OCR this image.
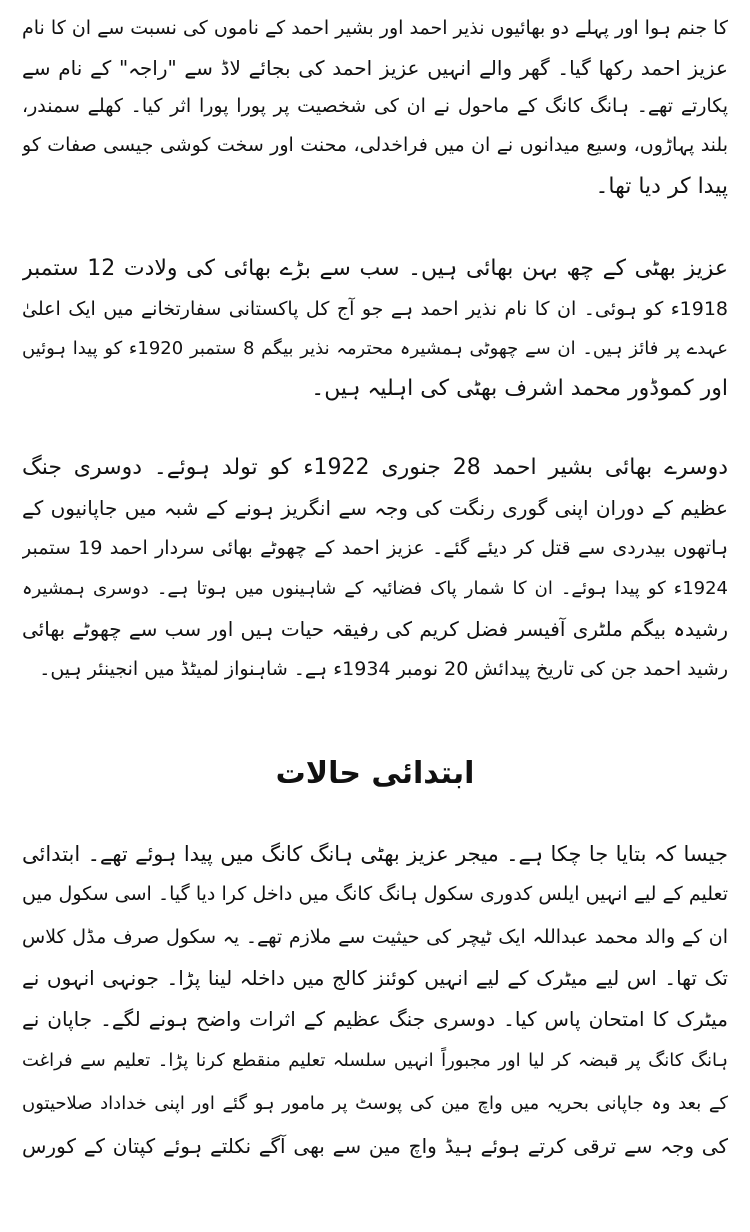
کا جنم ہوا اور پہلے دو بھائیوں نذیر احمد اور بشیر احمد کے ناموں کی نسبت سے ان کا نام
عزیز احمد رکھا گیا۔ گھر والے انہیں عزیز احمد کی بجائے لاڈ سے "راجہ" کے نام سے
پکارتے تھے۔ ہانگ کانگ کے ماحول نے ان کی شخصیت پر پورا پورا اثر کیا۔ کھلے سمندر،
بلند پہاڑوں، وسیع میدانوں نے ان میں فراخدلی، محنت اور سخت کوشی جیسی صفات کو
پیدا کر دیا تھا۔
عزیز بھٹی کے چھ بہن بھائی ہیں۔ سب سے بڑے بھائی کی ولادت 12 ستمبر
1918ء کو ہوئی۔ ان کا نام نذیر احمد ہے جو آج کل پاکستانی سفارتخانے میں ایک اعلیٰ
عہدے پر فائز ہیں۔ ان سے چھوٹی ہمشیرہ محترمہ نذیر بیگم 8 ستمبر 1920ء کو پیدا ہوئیں
اور کموڈور محمد اشرف بھٹی کی اہلیہ ہیں۔
دوسرے بھائی بشیر احمد 28 جنوری 1922ء کو تولد ہوئے۔ دوسری جنگ
عظیم کے دوران اپنی گوری رنگت کی وجہ سے انگریز ہونے کے شبہ میں جاپانیوں کے
ہاتھوں بیدردی سے قتل کر دیئے گئے۔ عزیز احمد کے چھوٹے بھائی سردار احمد 19 ستمبر
1924ء کو پیدا ہوئے۔ ان کا شمار پاک فضائیہ کے شاہینوں میں ہوتا ہے۔ دوسری ہمشیرہ
رشیدہ بیگم ملٹری آفیسر فضل کریم کی رفیقہ حیات ہیں اور سب سے چھوٹے بھائی
رشید احمد جن کی تاریخ پیدائش 20 نومبر 1934ء ہے۔ شاہنواز لمیٹڈ میں انجینئر ہیں۔
ابتدائی حالات
جیسا کہ بتایا جا چکا ہے۔ میجر عزیز بھٹی ہانگ کانگ میں پیدا ہوئے تھے۔ ابتدائی
تعلیم کے لیے انہیں ایلس کدوری سکول ہانگ کانگ میں داخل کرا دیا گیا۔ اسی سکول میں
ان کے والد محمد عبداللہ ایک ٹیچر کی حیثیت سے ملازم تھے۔ یہ سکول صرف مڈل کلاس
تک تھا۔ اس لیے میٹرک کے لیے انہیں کوئنز کالج میں داخلہ لینا پڑا۔ جونہی انہوں نے
میٹرک کا امتحان پاس کیا۔ دوسری جنگ عظیم کے اثرات واضح ہونے لگے۔ جاپان نے
ہانگ کانگ پر قبضہ کر لیا اور مجبوراً انہیں سلسلہ تعلیم منقطع کرنا پڑا۔ تعلیم سے فراغت
کے بعد وہ جاپانی بحریہ میں واچ مین کی پوسٹ پر مامور ہو گئے اور اپنی خداداد صلاحیتوں
کی وجہ سے ترقی کرتے ہوئے ہیڈ واچ مین سے بھی آگے نکلتے ہوئے کپتان کے کورس
